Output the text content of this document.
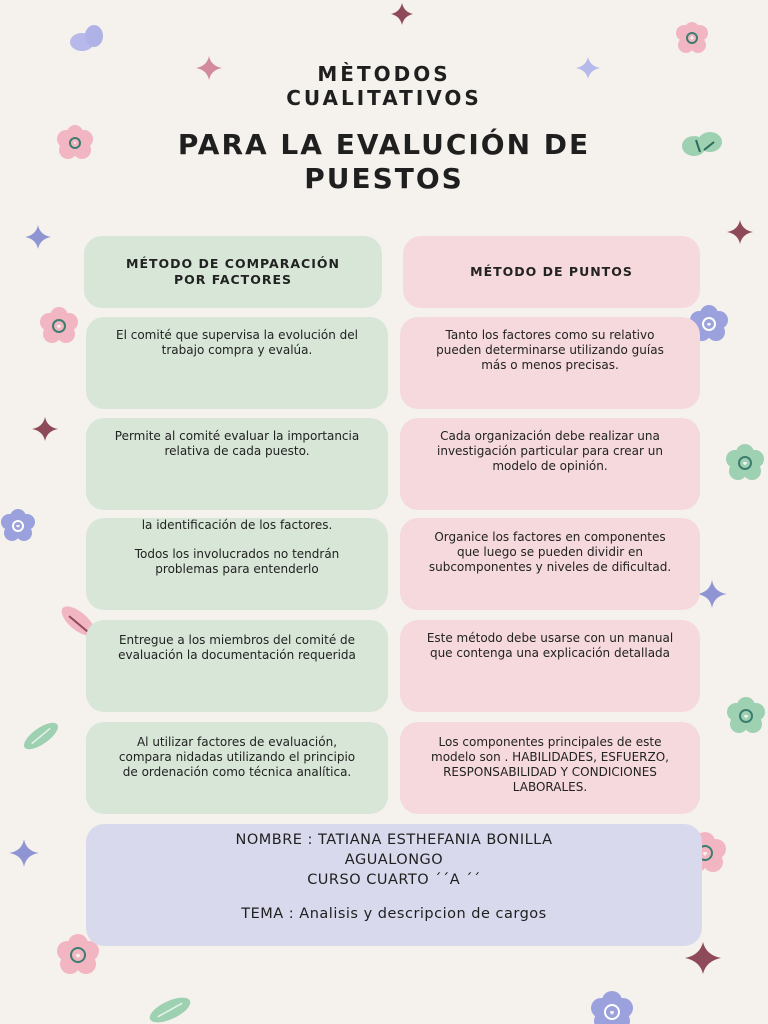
MÈTODOS
CUALITATIVOS
PARA LA EVALUCIÓN DE
PUESTOS
MÉTODO DE COMPARACIÓN
POR FACTORES
MÉTODO DE PUNTOS
El comité que supervisa la evolución del trabajo compra y evalúa.
Permite al comité evaluar la importancia relativa de cada puesto.
la identificación de los factores.

Todos los involucrados no tendrán problemas para entenderlo
Entregue a los miembros del comité de evaluación la documentación requerida
Al utilizar factores de evaluación, compara nidadas utilizando el principio de ordenación como técnica analítica.
Tanto los factores como su relativo pueden determinarse utilizando guías más o menos precisas.
Cada organización debe realizar una investigación particular para crear un modelo de opinión.
Organice los factores en componentes que luego se pueden dividir en subcomponentes y niveles de dificultad.
Este método debe usarse con un manual que contenga una explicación detallada
Los componentes principales de este modelo son . HABILIDADES, ESFUERZO, RESPONSABILIDAD Y CONDICIONES LABORALES.
NOMBRE : TATIANA ESTHEFANIA BONILLA
AGUALONGO
CURSO CUARTO ´´A ´´
TEMA : Analisis y descripcion de cargos
